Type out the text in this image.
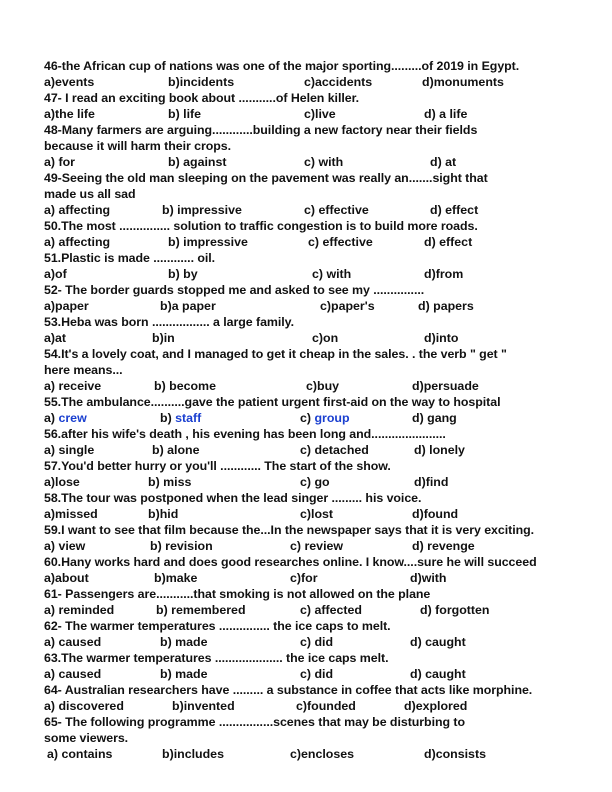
46-the African cup of nations was one of the major sporting.........of 2019 in Egypt.
a)events	b)incidents	c)accidents	d)monuments
47- I read an exciting book about ...........of Helen killer.
a)the life	b) life	c)live	d) a life
48-Many farmers are arguing............building a new factory near their fields
because it will harm their crops.
a) for	b) against	c) with	d) at
49-Seeing the old man sleeping on the pavement was really an.......sight that
made us all sad
a) affecting	b) impressive	c) effective	d) effect
50.The most ............... solution to traffic congestion is to build more roads.
a) affecting	b) impressive	c) effective	d) effect
51.Plastic is made ............ oil.
a)of	b) by	c) with	d)from
52- The border guards stopped me and asked to see my ...............
a)paper	b)a paper	c)paper's	d) papers
53.Heba was born ................. a large family.
a)at	b)in	c)on	d)into
54.It's a lovely coat, and I managed to get it cheap in the sales. . the verb " get "
here means...
a) receive	b) become	c)buy	d)persuade
55.The ambulance..........gave the patient urgent first-aid on the way to hospital
a) crew	b) staff	c) group	d) gang
56.after his wife's death , his evening has been long and......................
a) single	b) alone	c) detached	d) lonely
57.You'd better hurry or you'll ............ The start of the show.
a)lose	b) miss	c) go	d)find
58.The tour was postponed when the lead singer ......... his voice.
a)missed	b)hid	c)lost	d)found
59.I want to see that film because the...In the newspaper says that it is very exciting.
a) view	b) revision	c) review	d) revenge
60.Hany works hard and does good researches online. I know....sure he will succeed
a)about	b)make	c)for	d)with
61- Passengers are...........that smoking is not allowed on the plane
a) reminded	b) remembered	c) affected	d) forgotten
62- The warmer temperatures ............... the ice caps to melt.
a) caused	b) made	c) did	d) caught
63.The warmer temperatures .................... the ice caps melt.
a) caused	b) made	c) did	d) caught
64- Australian researchers have ......... a substance in coffee that acts like morphine.
a) discovered	b)invented	c)founded	d)explored
65- The following programme ................scenes that may be disturbing to
some viewers.
a) contains	b)includes	c)encloses	d)consists
